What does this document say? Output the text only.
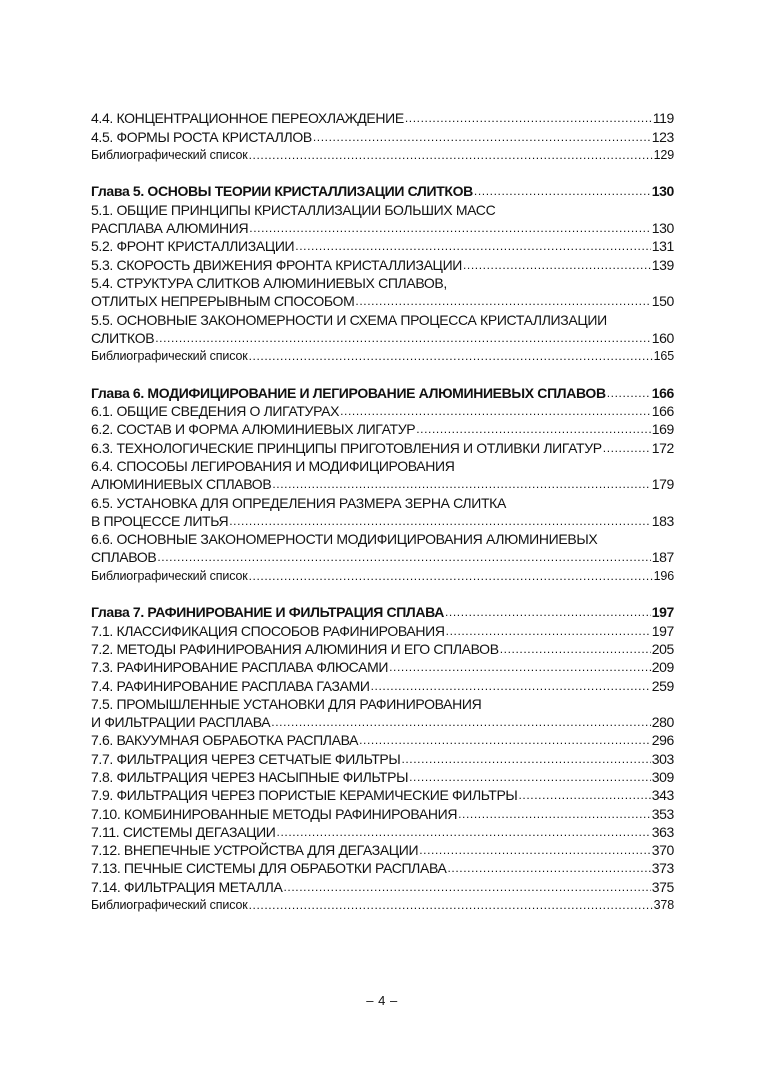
4.4. КОНЦЕНТРАЦИОННОЕ ПЕРЕОХЛАЖДЕНИЕ .....	119
4.5. ФОРМЫ РОСТА КРИСТАЛЛОВ .....	123
Библиографический список .....	129
Глава 5. ОСНОВЫ ТЕОРИИ КРИСТАЛЛИЗАЦИИ СЛИТКОВ .....	130
5.1. ОБЩИЕ ПРИНЦИПЫ КРИСТАЛЛИЗАЦИИ БОЛЬШИХ МАСС
РАСПЛАВА АЛЮМИНИЯ .....	130
5.2. ФРОНТ КРИСТАЛЛИЗАЦИИ .....	131
5.3. СКОРОСТЬ ДВИЖЕНИЯ ФРОНТА КРИСТАЛЛИЗАЦИИ .....	139
5.4. СТРУКТУРА СЛИТКОВ АЛЮМИНИЕВЫХ СПЛАВОВ,
ОТЛИТЫХ НЕПРЕРЫВНЫМ СПОСОБОМ .....	150
5.5. ОСНОВНЫЕ ЗАКОНОМЕРНОСТИ И СХЕМА ПРОЦЕССА КРИСТАЛЛИЗАЦИИ
СЛИТКОВ .....	160
Библиографический список .....	165
Глава 6. МОДИФИЦИРОВАНИЕ И ЛЕГИРОВАНИЕ АЛЮМИНИЕВЫХ СПЛАВОВ .....	166
6.1. ОБЩИЕ СВЕДЕНИЯ О ЛИГАТУРАХ .....	166
6.2. СОСТАВ И ФОРМА АЛЮМИНИЕВЫХ ЛИГАТУР .....	169
6.3. ТЕХНОЛОГИЧЕСКИЕ ПРИНЦИПЫ ПРИГОТОВЛЕНИЯ И ОТЛИВКИ ЛИГАТУР .....	172
6.4. СПОСОБЫ ЛЕГИРОВАНИЯ И МОДИФИЦИРОВАНИЯ
АЛЮМИНИЕВЫХ СПЛАВОВ .....	179
6.5. УСТАНОВКА ДЛЯ ОПРЕДЕЛЕНИЯ РАЗМЕРА ЗЕРНА СЛИТКА
В ПРОЦЕССЕ ЛИТЬЯ .....	183
6.6. ОСНОВНЫЕ ЗАКОНОМЕРНОСТИ МОДИФИЦИРОВАНИЯ АЛЮМИНИЕВЫХ
СПЛАВОВ .....	187
Библиографический список .....	196
Глава 7. РАФИНИРОВАНИЕ И ФИЛЬТРАЦИЯ СПЛАВА .....	197
7.1. КЛАССИФИКАЦИЯ СПОСОБОВ РАФИНИРОВАНИЯ .....	197
7.2. МЕТОДЫ РАФИНИРОВАНИЯ АЛЮМИНИЯ И ЕГО СПЛАВОВ .....	205
7.3. РАФИНИРОВАНИЕ РАСПЛАВА ФЛЮСАМИ .....	209
7.4. РАФИНИРОВАНИЕ РАСПЛАВА ГАЗАМИ .....	259
7.5. ПРОМЫШЛЕННЫЕ УСТАНОВКИ ДЛЯ РАФИНИРОВАНИЯ
И ФИЛЬТРАЦИИ РАСПЛАВА .....	280
7.6. ВАКУУМНАЯ ОБРАБОТКА РАСПЛАВА .....	296
7.7. ФИЛЬТРАЦИЯ ЧЕРЕЗ СЕТЧАТЫЕ ФИЛЬТРЫ .....	303
7.8. ФИЛЬТРАЦИЯ ЧЕРЕЗ НАСЫПНЫЕ ФИЛЬТРЫ .....	309
7.9. ФИЛЬТРАЦИЯ ЧЕРЕЗ ПОРИСТЫЕ КЕРАМИЧЕСКИЕ ФИЛЬТРЫ .....	343
7.10. КОМБИНИРОВАННЫЕ МЕТОДЫ РАФИНИРОВАНИЯ .....	353
7.11. СИСТЕМЫ ДЕГАЗАЦИИ .....	363
7.12. ВНЕПЕЧНЫЕ УСТРОЙСТВА ДЛЯ ДЕГАЗАЦИИ .....	370
7.13. ПЕЧНЫЕ СИСТЕМЫ ДЛЯ ОБРАБОТКИ РАСПЛАВА .....	373
7.14. ФИЛЬТРАЦИЯ МЕТАЛЛА .....	375
Библиографический список .....	378
– 4 –
